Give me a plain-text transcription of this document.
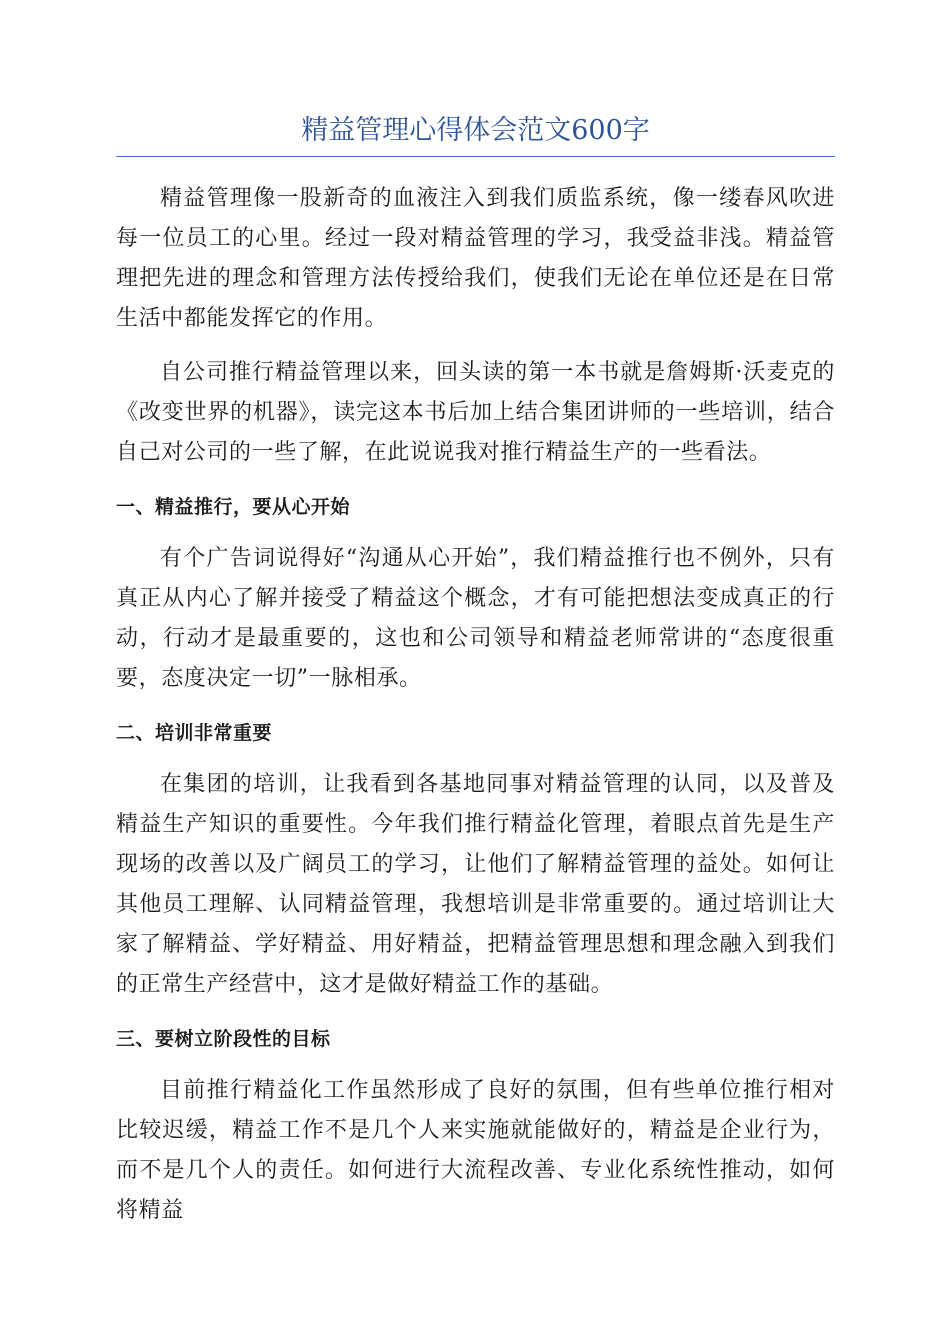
精益管理心得体会范文600字

精益管理像一股新奇的血液注入到我们质监系统，像一缕春风吹进每一位员工的心里。经过一段对精益管理的学习，我受益非浅。精益管理把先进的理念和管理方法传授给我们，使我们无论在单位还是在日常生活中都能发挥它的作用。

自公司推行精益管理以来，回头读的第一本书就是詹姆斯·沃麦克的《改变世界的机器》，读完这本书后加上结合集团讲师的一些培训，结合自己对公司的一些了解，在此说说我对推行精益生产的一些看法。

一、精益推行，要从心开始

有个广告词说得好“沟通从心开始”，我们精益推行也不例外，只有真正从内心了解并接受了精益这个概念，才有可能把想法变成真正的行动，行动才是最重要的，这也和公司领导和精益老师常讲的“态度很重要，态度决定一切”一脉相承。

二、培训非常重要

在集团的培训，让我看到各基地同事对精益管理的认同，以及普及精益生产知识的重要性。今年我们推行精益化管理，着眼点首先是生产现场的改善以及广阔员工的学习，让他们了解精益管理的益处。如何让其他员工理解、认同精益管理，我想培训是非常重要的。通过培训让大家了解精益、学好精益、用好精益，把精益管理思想和理念融入到我们的正常生产经营中，这才是做好精益工作的基础。

三、要树立阶段性的目标

目前推行精益化工作虽然形成了良好的氛围，但有些单位推行相对比较迟缓，精益工作不是几个人来实施就能做好的，精益是企业行为，而不是几个人的责任。如何进行大流程改善、专业化系统性推动，如何将精益
